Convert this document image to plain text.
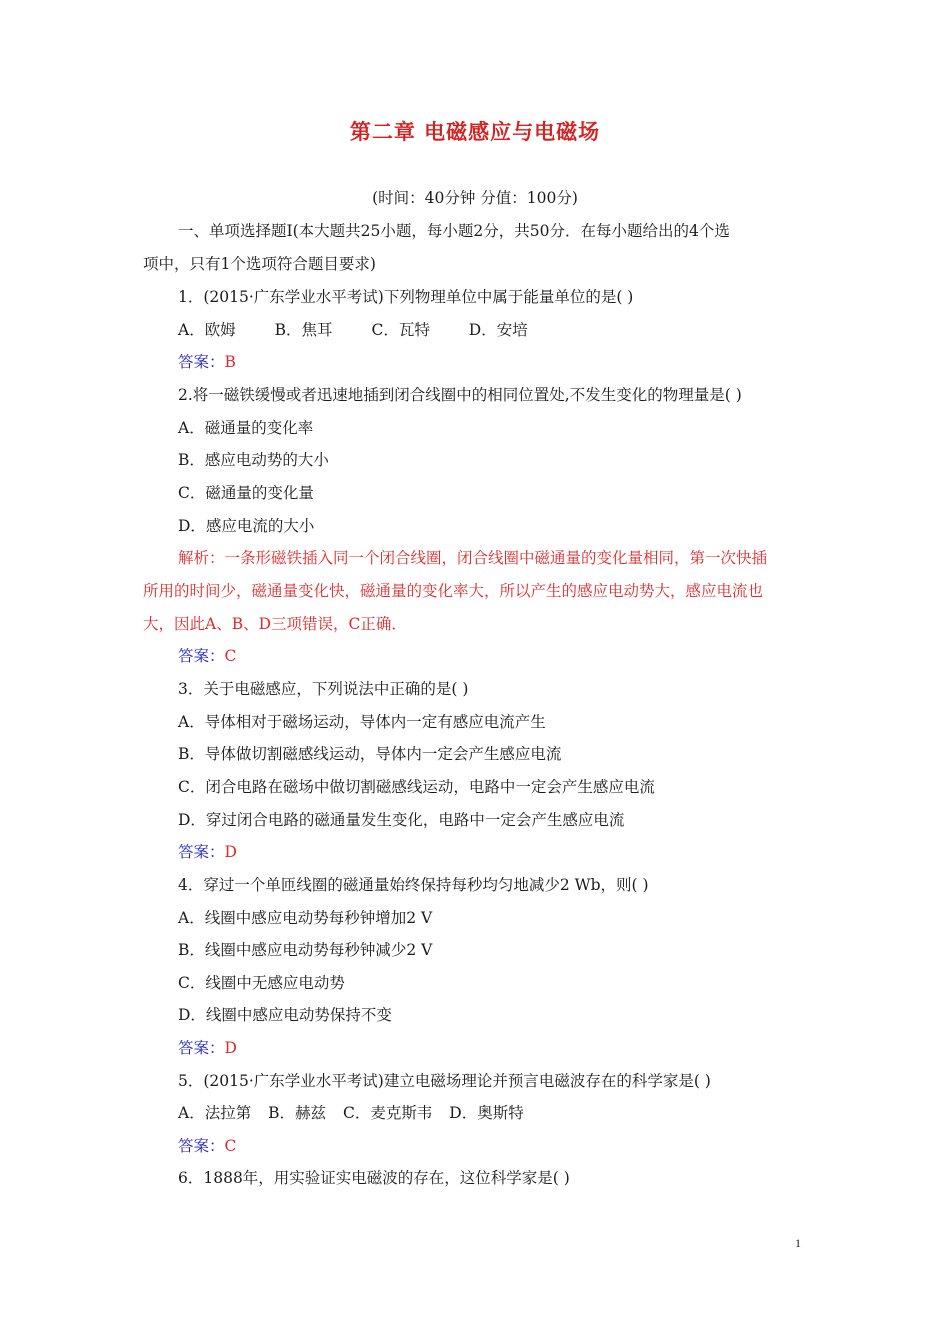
第二章 电磁感应与电磁场
(时间：40分钟 分值：100分)
一、单项选择题Ⅰ(本大题共25小题，每小题2分，共50分．在每小题给出的4个选
项中，只有1个选项符合题目要求)
1．(2015·广东学业水平考试)下列物理单位中属于能量单位的是( )
A．欧姆	B．焦耳	C．瓦特	D．安培
答案：B
2.将一磁铁缓慢或者迅速地插到闭合线圈中的相同位置处,不发生变化的物理量是( )
A．磁通量的变化率
B．感应电动势的大小
C．磁通量的变化量
D．感应电流的大小
解析：一条形磁铁插入同一个闭合线圈，闭合线圈中磁通量的变化量相同，第一次快插
所用的时间少，磁通量变化快，磁通量的变化率大，所以产生的感应电动势大，感应电流也
大，因此A、B、D三项错误，C正确．
答案：C
3．关于电磁感应，下列说法中正确的是( )
A．导体相对于磁场运动，导体内一定有感应电流产生
B．导体做切割磁感线运动，导体内一定会产生感应电流
C．闭合电路在磁场中做切割磁感线运动，电路中一定会产生感应电流
D．穿过闭合电路的磁通量发生变化，电路中一定会产生感应电流
答案：D
4．穿过一个单匝线圈的磁通量始终保持每秒均匀地减少2 Wb，则( )
A．线圈中感应电动势每秒钟增加2 V
B．线圈中感应电动势每秒钟减少2 V
C．线圈中无感应电动势
D．线圈中感应电动势保持不变
答案：D
5．(2015·广东学业水平考试)建立电磁场理论并预言电磁波存在的科学家是( )
A．法拉第 B．赫兹 C．麦克斯韦 D．奥斯特
答案：C
6．1888年，用实验证实电磁波的存在，这位科学家是( )
1
